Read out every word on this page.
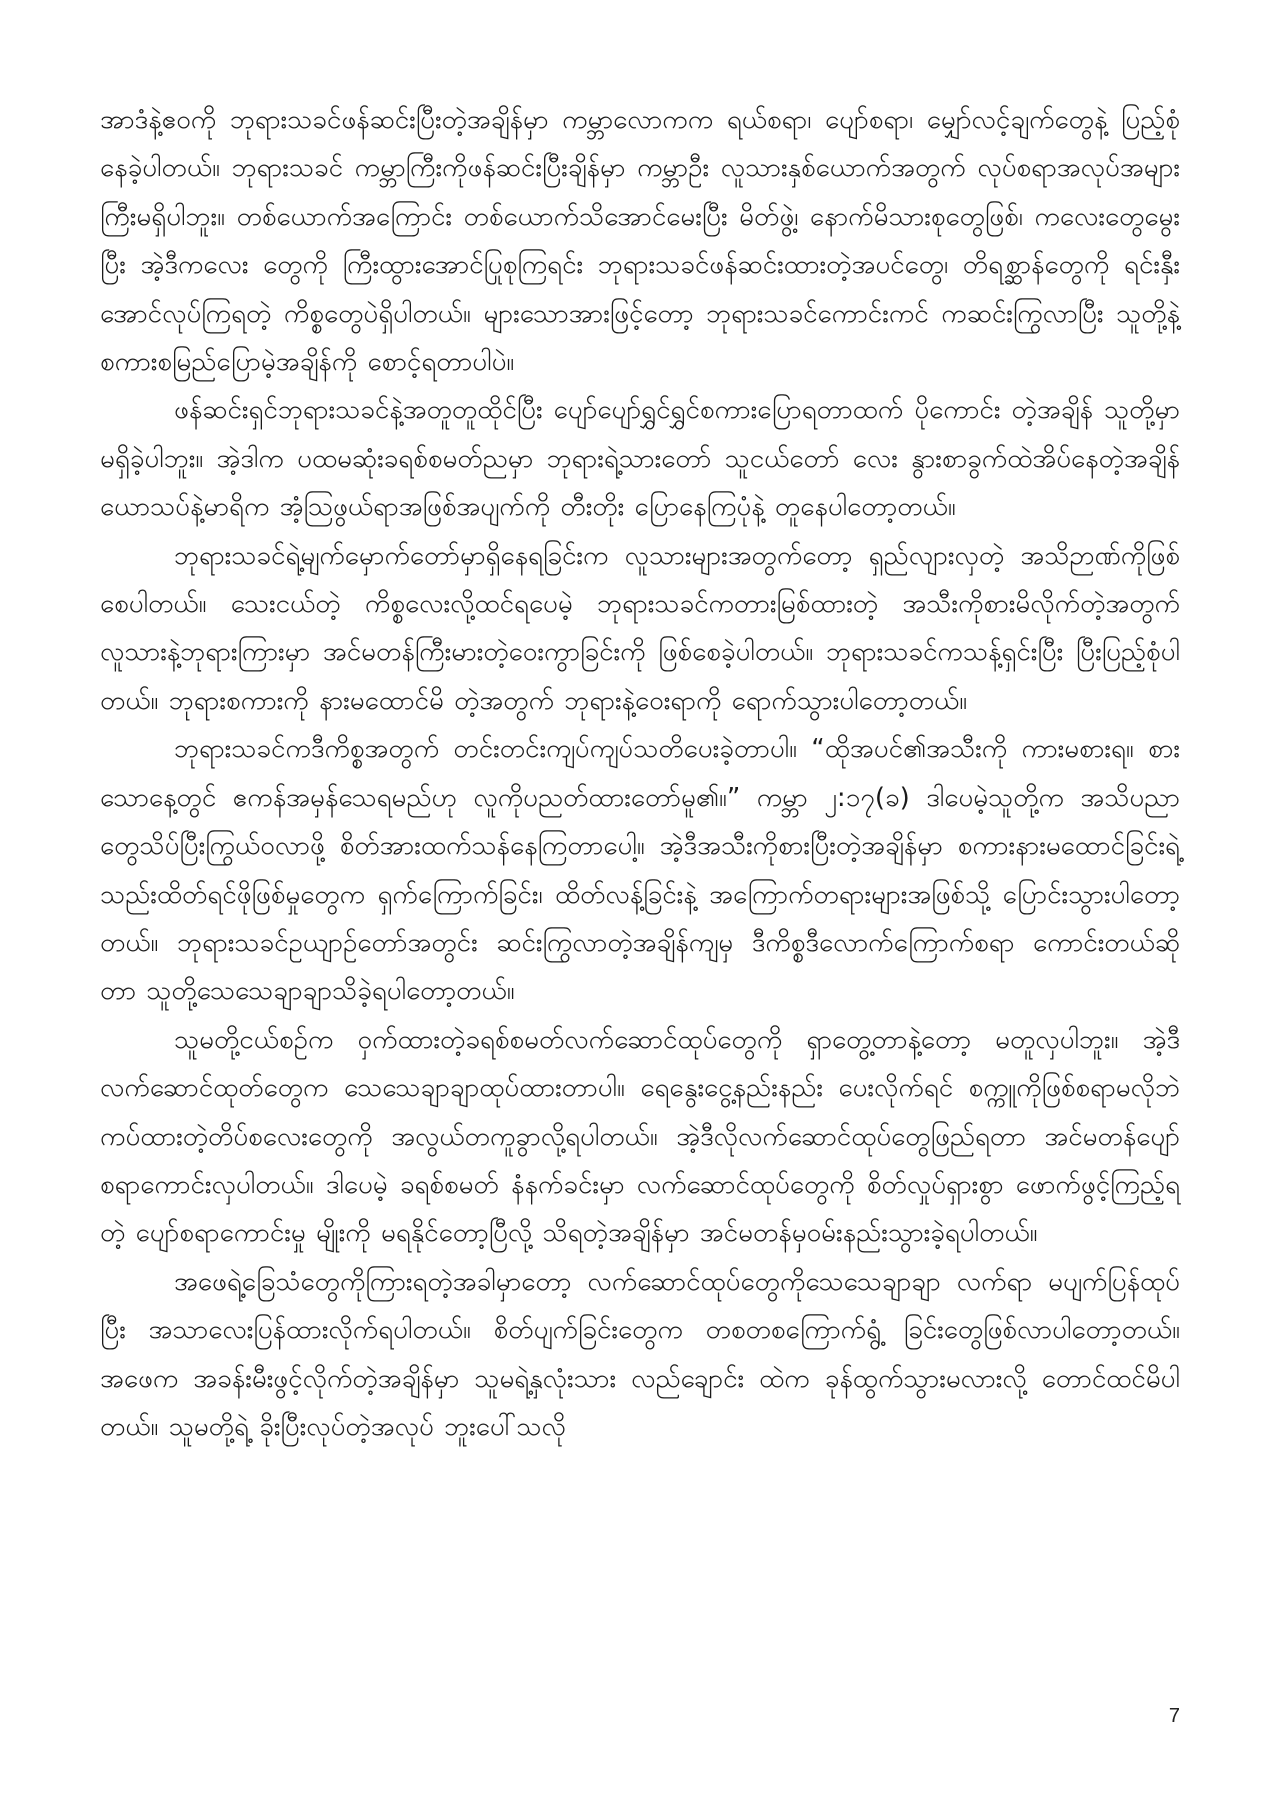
အာဒံနဲ့ဧဝကို ဘုရားသခင်ဖန်ဆင်းပြီးတဲ့အချိန်မှာ ကမ္ဘာလောကက ရယ်စရာ၊ ပျော်စရာ၊ မျှော်လင့်ချက်တွေနဲ့ ပြည့်စုံနေခဲ့ပါတယ်။ ဘုရားသခင် ကမ္ဘာကြီးကိုဖန်ဆင်းပြီးချိန်မှာ ကမ္ဘာဦး လူသားနှစ်ယောက်အတွက် လုပ်စရာအလုပ်အများကြီးမရှိပါဘူး။ တစ်ယောက်အကြောင်း တစ်ယောက်သိအောင်မေးပြီး မိတ်ဖွဲ့၊ နောက်မိသားစုတွေဖြစ်၊ ကလေးတွေမွေးပြီး အဲ့ဒီကလေး တွေကို ကြီးထွားအောင်ပြုစုကြရင်း ဘုရားသခင်ဖန်ဆင်းထားတဲ့အပင်တွေ၊ တိရစ္ဆာန်တွေကို ရင်းနှီးအောင်လုပ်ကြရတဲ့ ကိစ္စတွေပဲရှိပါတယ်။ များသောအားဖြင့်တော့ ဘုရားသခင်ကောင်းကင် ကဆင်းကြွလာပြီး သူတို့နဲ့စကားစမြည်ပြောမဲ့အချိန်ကို စောင့်ရတာပါပဲ။

ဖန်ဆင်းရှင်ဘုရားသခင်နဲ့အတူတူထိုင်ပြီး ပျော်ပျော်ရွှင်ရွှင်စကားပြောရတာထက် ပိုကောင်း တဲ့အချိန် သူတို့မှာမရှိခဲ့ပါဘူး။ အဲ့ဒါက ပထမဆုံးခရစ်စမတ်ညမှာ ဘုရားရဲ့သားတော် သူငယ်တော် လေး နွားစာခွက်ထဲအိပ်နေတဲ့အချိန် ယောသပ်နဲ့မာရိက အံ့ဩဖွယ်ရာအဖြစ်အပျက်ကို တီးတိုး ပြောနေကြပုံနဲ့ တူနေပါတော့တယ်။

ဘုရားသခင်ရဲ့မျက်မှောက်တော်မှာရှိနေရခြင်းက လူသားများအတွက်တော့ ရှည်လျားလှတဲ့ အသိဉာဏ်ကိုဖြစ်စေပါတယ်။ သေးငယ်တဲ့ ကိစ္စလေးလို့ထင်ရပေမဲ့ ဘုရားသခင်ကတားမြစ်ထားတဲ့ အသီးကိုစားမိလိုက်တဲ့အတွက် လူသားနဲ့ဘုရားကြားမှာ အင်မတန်ကြီးမားတဲ့ဝေးကွာခြင်းကို ဖြစ်စေခဲ့ပါတယ်။ ဘုရားသခင်ကသန့်ရှင်းပြီး ပြီးပြည့်စုံပါတယ်။ ဘုရားစကားကို နားမထောင်မိ တဲ့အတွက် ဘုရားနဲ့ဝေးရာကို ရောက်သွားပါတော့တယ်။

ဘုရားသခင်ကဒီကိစ္စအတွက် တင်းတင်းကျပ်ကျပ်သတိပေးခဲ့တာပါ။ “ထိုအပင်၏အသီးကို ကားမစားရ။ စားသောနေ့တွင် ဧကန်အမှန်သေရမည်ဟု လူကိုပညတ်ထားတော်မူ၏။” ကမ္ဘာ ၂:၁၇(ခ) ဒါပေမဲ့သူတို့က အသိပညာတွေသိပ်ပြီးကြွယ်ဝလာဖို့ စိတ်အားထက်သန်နေကြတာပေါ့။ အဲ့ဒီအသီးကိုစားပြီးတဲ့အချိန်မှာ စကားနားမထောင်ခြင်းရဲ့ သည်းထိတ်ရင်ဖိုဖြစ်မှုတွေက ရှက်ကြောက်ခြင်း၊ ထိတ်လန့်ခြင်းနဲ့ အကြောက်တရားများအဖြစ်သို့ ပြောင်းသွားပါတော့တယ်။ ဘုရားသခင်ဥယျာဉ်တော်အတွင်း ဆင်းကြွလာတဲ့အချိန်ကျမှ ဒီကိစ္စဒီလောက်ကြောက်စရာ ကောင်းတယ်ဆိုတာ သူတို့သေသေချာချာသိခဲ့ရပါတော့တယ်။

သူမတို့ငယ်စဉ်က ဝှက်ထားတဲ့ခရစ်စမတ်လက်ဆောင်ထုပ်တွေကို ရှာတွေ့တာနဲ့တော့ မတူလှပါဘူး။ အဲ့ဒီလက်ဆောင်ထုတ်တွေက သေသေချာချာထုပ်ထားတာပါ။ ရေနွေးငွေ့နည်းနည်း ပေးလိုက်ရင် စက္ကူကိုဖြစ်စရာမလိုဘဲ ကပ်ထားတဲ့တိပ်စလေးတွေကို အလွယ်တကူခွာလို့ရပါတယ်။ အဲ့ဒီလိုလက်ဆောင်ထုပ်တွေဖြည်ရတာ အင်မတန်ပျော်စရာကောင်းလှပါတယ်။ ဒါပေမဲ့ ခရစ်စမတ် နံနက်ခင်းမှာ လက်ဆောင်ထုပ်တွေကို စိတ်လှုပ်ရှားစွာ ဖောက်ဖွင့်ကြည့်ရတဲ့ ပျော်စရာကောင်းမှု မျိုးကို မရနိုင်တော့ပြီလို့ သိရတဲ့အချိန်မှာ အင်မတန်မှဝမ်းနည်းသွားခဲ့ရပါတယ်။

အဖေရဲ့ခြေသံတွေကိုကြားရတဲ့အခါမှာတော့ လက်ဆောင်ထုပ်တွေကိုသေသေချာချာ လက်ရာ မပျက်ပြန်ထုပ်ပြီး အသာလေးပြန်ထားလိုက်ရပါတယ်။ စိတ်ပျက်ခြင်းတွေက တစတစကြောက်ရွံ့ ခြင်းတွေဖြစ်လာပါတော့တယ်။ အဖေက အခန်းမီးဖွင့်လိုက်တဲ့အချိန်မှာ သူမရဲ့နှလုံးသား လည်ချောင်း ထဲက ခုန်ထွက်သွားမလားလို့ တောင်ထင်မိပါတယ်။ သူမတို့ရဲ့ ခိုးပြီးလုပ်တဲ့အလုပ် ဘူးပေါ်သလို

7
